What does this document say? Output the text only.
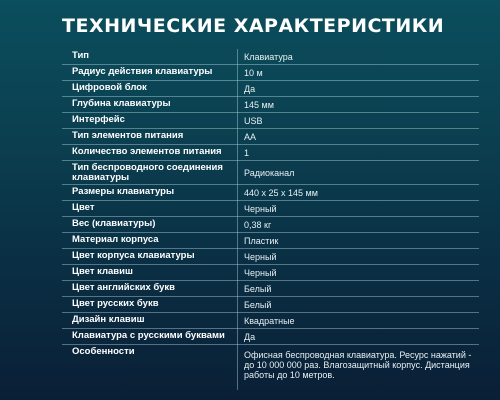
ТЕХНИЧЕСКИЕ ХАРАКТЕРИСТИКИ
Тип	Клавиатура
Радиус действия клавиатуры	10 м
Цифровой блок	Да
Глубина клавиатуры	145 мм
Интерфейс	USB
Тип элементов питания	AA
Количество элементов питания	1
Тип беспроводного соединения клавиатуры	Радиоканал
Размеры клавиатуры	440 x 25 x 145 мм
Цвет	Черный
Вес (клавиатуры)	0,38 кг
Материал корпуса	Пластик
Цвет корпуса клавиатуры	Черный
Цвет клавиш	Черный
Цвет английских букв	Белый
Цвет русских букв	Белый
Дизайн клавиш	Квадратные
Клавиатура с русскими буквами	Да
Особенности	Офисная беспроводная клавиатура. Ресурс нажатий - до 10 000 000 раз. Влагозащитный корпус. Дистанция работы до 10 метров.
